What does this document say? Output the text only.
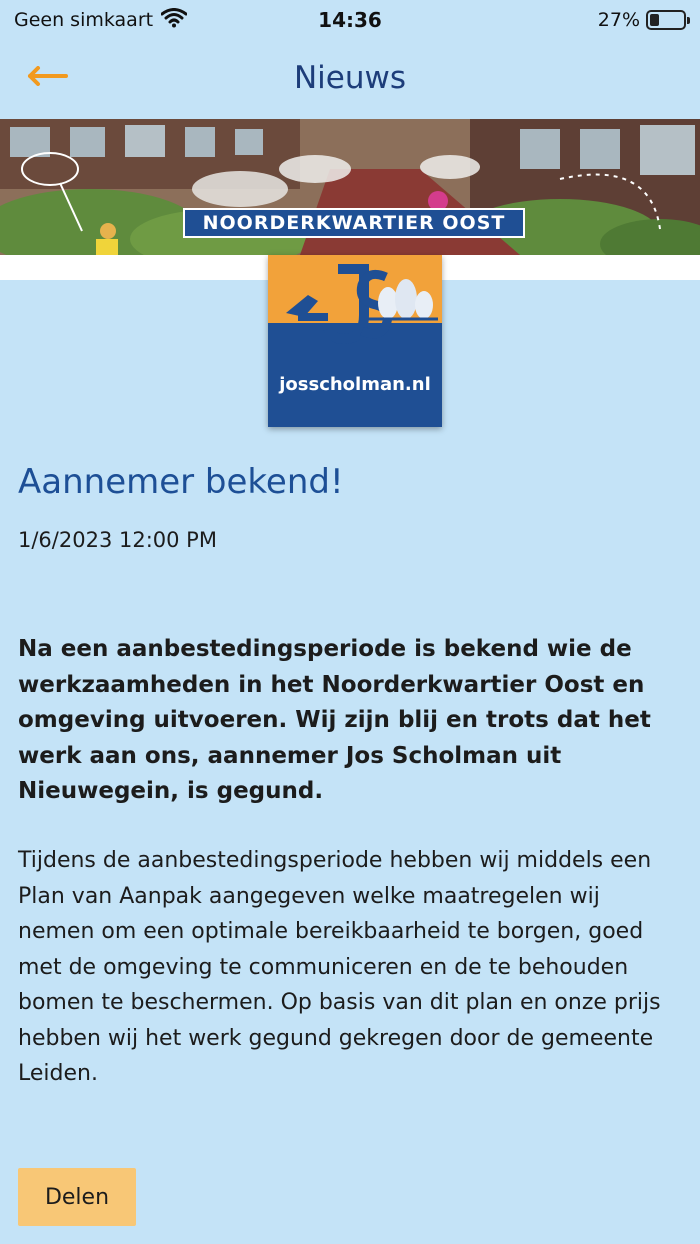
Geen simkaart	14:36	27%
Nieuws
NOORDERKWARTIER OOST
josscholman.nl
Aannemer bekend!
1/6/2023 12:00 PM

Na een aanbestedingsperiode is bekend wie de werkzaamheden in het Noorderkwartier Oost en omgeving uitvoeren. Wij zijn blij en trots dat het werk aan ons, aannemer Jos Scholman uit Nieuwegein, is gegund.

Tijdens de aanbestedingsperiode hebben wij middels een Plan van Aanpak aangegeven welke maatregelen wij nemen om een optimale bereikbaarheid te borgen, goed met de omgeving te communiceren en de te behouden bomen te beschermen. Op basis van dit plan en onze prijs hebben wij het werk gegund gekregen door de gemeente Leiden.

Delen
